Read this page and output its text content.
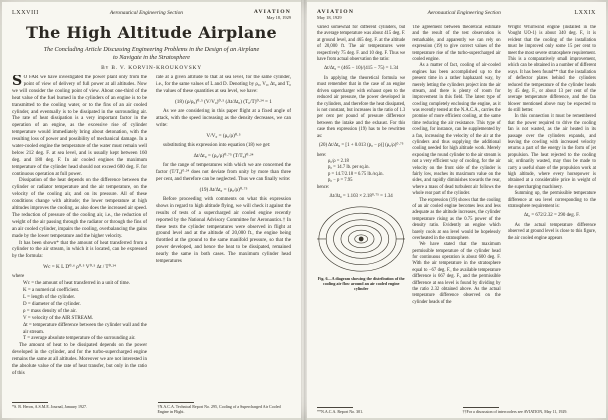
LXXVIII	Aeronautical Engineering Section	AVIATION
May 18, 1929
The High Altitude Airplane
The Concluding Article Discussing Engineering Problems in the Design of an Airplane to Navigate in the Stratosphere
By B. V. KORVIN-KROUKOVSKY
S O FAR we have investigated the power plant only from the point of view of delivery of full power at all altitudes. Now we will consider the cooling point of view. About one-third of the heat value of the fuel burned in the cylinders of an engine is to be transmitted to the cooling water, or to the fins of an air cooled cylinder, and eventually is to be dissipated in the surrounding air. The rate of heat dissipation is a very important factor in the operation of an engine, as the excessive rise of cylinder temperature would immediately bring about detonation, with the resulting loss of power and possibility of mechanical damage. In a water-cooled engine the temperature of the water must remain well below 212 deg. F. at sea level, and is usually kept between 160 deg. and 180 deg. F. In air cooled engines the maximum temperature of the cylinder head should not exceed 600 deg. F. for continuous operation at full power.
Dissipation of the heat depends on the difference between the cylinder or radiator temperature and the air temperature, on the velocity of the cooling air, and on its pressure. All of these conditions change with altitude; the lower temperature at high altitudes improves the cooling, as also does the increased air speed. The reduction of pressure of the cooling air, i.e., the reduction of weight of the air passing through the radiator or through the fins of an air cooled cylinder, impairs the cooling, overbalancing the gains made by the lower temperature and the higher velocity.
It has been shown* that the amount of heat transferred from a cylinder to the air stream, in which it is located, can be expressed by the formula:
Wc = K L D⁰·⁶ ρ⁰·⁵ V⁰·⁵ Δt / T⁰·²⁴
where
Wc = the amount of heat transferred in a unit of time.
K = a numerical coefficient.
L = length of the cylinder.
D = diameter of the cylinder.
ρ = mass density of the air.
V = velocity of the AIR STREAM.
Δt = temperature difference between the cylinder wall and the air stream.
T = average absolute temperature of the surrounding air.
The amount of heat to be dissipated depends on the power developed in the cylinder, and for the turbo-supercharged engine remains the same at all altitudes. Moreover we are not interested in the absolute value of the rate of heat transfer, but only in the ratio of this
rate at a given altitude to that at sea level, for the same cylinder, i.e., for the same values of L and D. Denoting by ρ₀, V₀, Δt₀ and T₀ the values of these quantities at sea level, we have:
(18) (ρ/ρ₀)⁰·⁵ (V/V₀)⁰·⁵ (Δt/Δt₀) (T₀/T)⁰·²⁴ = 1
As we are considering in this paper flight at a fixed angle of attack, with the speed increasing as the density decreases, we can write:
V/V₀ = (ρ₀/ρ)⁰·⁵
substituting this expression into equation (18) we get:
Δt/Δt₀ = (ρ₀/ρ)⁰·⁷⁵ (T/T₀)⁰·²⁴
for the range of temperatures with which we are concerned the factor (T/T₀)⁰·²⁴ does not deviate from unity by more than three per cent, and therefore can be neglected. Thus we can finally write:
(19) Δt/Δt₀ = (ρ₀/ρ)⁰·⁷⁵
Before proceeding with comments on what this expression shows in regard to high altitude flying, we will check it against the results of tests of a supercharged air cooled engine recently reported by the National Advisory Committee for Aeronautics.† In these tests the cylinder temperatures were observed in flight at ground level and at the altitude of 20,000 ft., the engine being throttled at the ground to the same manifold pressure, so that the power developed, and hence the heat to be dissipated, remained nearly the same in both cases. The maximum cylinder head temperatures
*S. B. Heron, A.S.M.E. Journal, January 1927.	†N.A.C.A. Technical Report No. 295, Cooling of a Supercharged Air Cooled Engine in Flight.
AVIATION
May 18, 1929
Aeronautical Engineering Section	LXXIX
varied somewhat for different cylinders, but the average temperature was about 415 deg. F. at ground level, and 465 deg. F. at the altitude of 20,000 ft. The air temperatures were respectively 75 deg. F. and 10 deg. F. Thus we have from actual observation the ratio:
Δt/Δt₀ = (465 − 10)/(415 − 75) = 1.34
In applying the theoretical formula we must remember that in the case of an engine driven supercharger with exhaust open to the reduced air pressure, the power developed in the cylinders, and therefore the heat dissipated, is not constant, but increases in the ratio of 1.3 per cent per pound of pressure difference between the intake and the exhaust. For this case then expression (19) has to be rewritten as:
(20) Δt/Δt₀ = [1 + 0.013 (p₀ − p)] (ρ₀/ρ)⁰·⁷⁵
here:
ρ₀/ρ = 2.18
p₀ = 14.7 lb. per sq.in.
p = 14.7/2.18 = 6.75 lb./sq.in.
p₀ − p = 7.95
hence:
Δt/Δt₀ = 1.103 × 2.18⁰·⁷⁵ = 1.34
Fig. 6—A diagram showing the distribution of the cooling air flow around an air cooled engine cylinder
The agreement between theoretical estimate and the result of the test observation is remarkable, and apparently we can rely on expression (19) to give correct values of the temperature rise of the turbo-supercharged air cooled engine.
As a matter of fact, cooling of air-cooled engines has been accomplished up to the present time in a rather haphazard way, by merely letting the cylinders project into the air stream, and there is plenty of room for improvement in this field. The latest type of cowling completely enclosing the engine, as it was recently tested at the N.A.C.A., carries the promise of more efficient cooling, at the same time reducing the air resistance. This type of cowling, for instance, can be supplemented by a fan, increasing the velocity of the air at the cylinders and thus supplying the additional cooling needed for high altitude work. Merely exposing the round cylinder to the air stream is not a very efficient way of cooling, for the air velocity on the front side of the cylinder is fairly low, reaches its maximum value on the sides, and rapidly diminishes towards the rear, where a mass of dead turbulent air follows the whole rear part of the cylinder.
The expression (19) shows that the cooling of an air cooled engine becomes less and less adequate as the altitude increases, the cylinder temperature rising as the 0.75 power of the density ratio. Evidently an engine which barely cools at sea level would be hopelessly overheated in the stratosphere.
We have stated that the maximum permissible temperature of the cylinder head for continuous operation is about 600 deg. F. With the air temperature in the stratosphere equal to −67 deg. F., the available temperature difference is 667 deg. F., and the permissible difference at sea level is found by dividing by the ratio 2.32 obtained above. As the actual temperature difference observed on the cylinder heads of the
Wright Whirlwind engine (installed in the Vought UO-1) is about 340 deg. F., it is evident that the cooling of the installation must be improved only some 15 per cent to meet the most severe stratosphere requirement. This is a comparatively small improvement, which can be obtained in a number of different ways. It has been found** that the installation of deflector plates behind the cylinders reduced the temperature of the cylinder heads by 45 deg. F., or about 13 per cent of the average temperature difference, and the fan blower mentioned above may be expected to do still better.
In this connection it must be remembered that the power required to drive the cooling fan is not wasted, as the air heated in its passage over the cylinders expands, and leaving the cowling with increased velocity returns a part of the energy in the form of jet propulsion. The heat rejected to the cooling air, ordinarily wasted, may thus be made to carry a useful share of the propulsion work at high altitude, where every horsepower is obtained at a considerable price in weight of the supercharging machinery.
Summing up, the permissible temperature difference at sea level corresponding to the stratosphere requirement is:
Δt₀ = 672/2.32 = 290 deg. F.
As the actual temperature difference observed at ground level is close to this figure, the air cooled engine appears
**N.A.C.A. Report No. 301.	††For a discussion of intercoolers see AVIATION, May 11, 1929.
